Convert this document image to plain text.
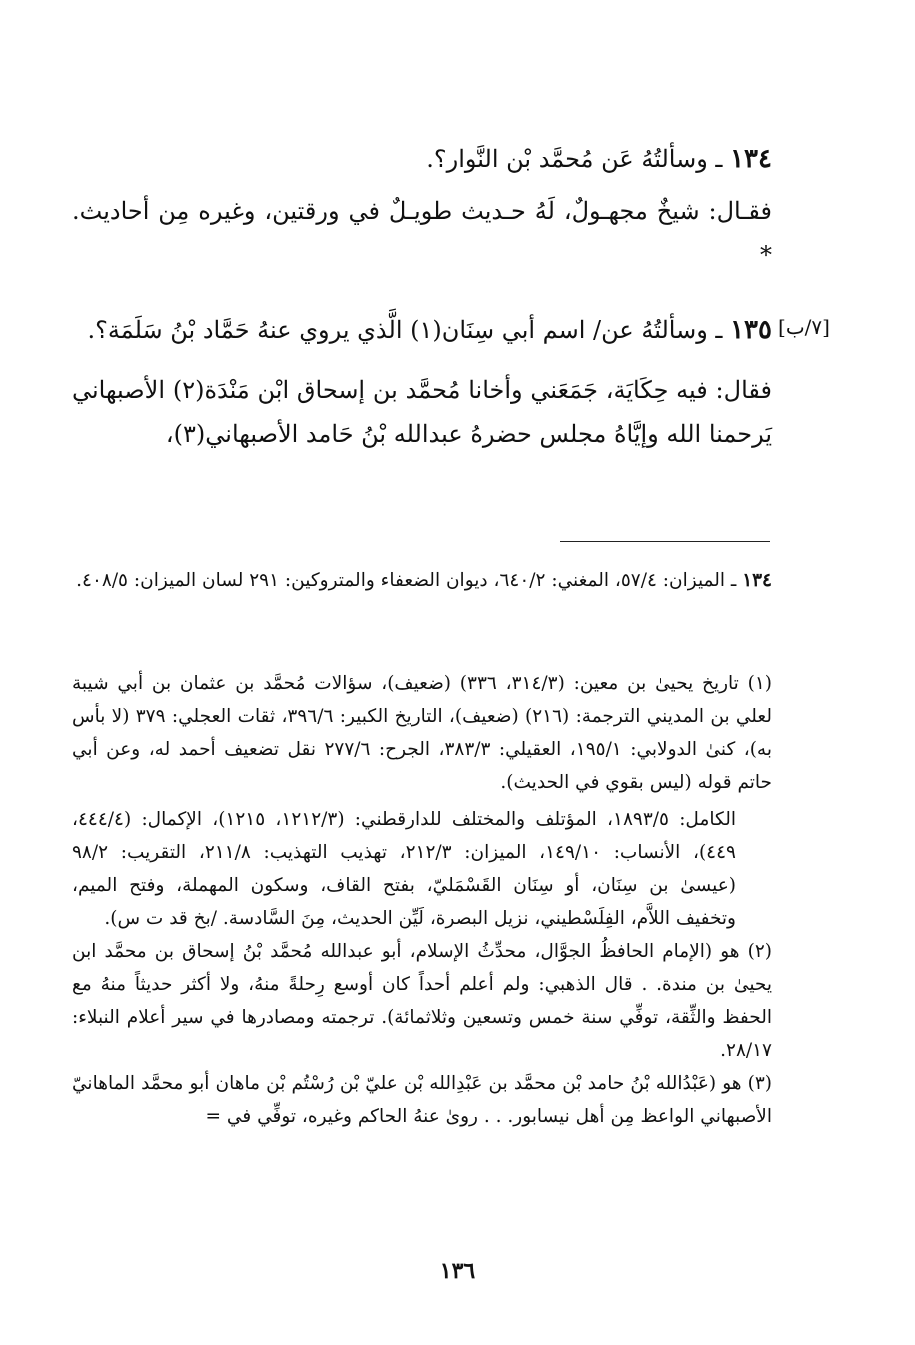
١٣٤ ـ وسألتُهُ عَن مُحمَّد بْن النَّوار؟.
فقـال: شيخٌ مجهـولٌ، لَهُ حـديث طويـلٌ في ورقتين، وغيره مِن أحاديث. *
[٧/ب]
١٣٥ ـ وسألتُهُ عن/ اسم أبي سِنَان(١) الَّذي يروي عنهُ حَمَّاد بْنُ سَلَمَة؟.
فقال: فيه حِكَايَة، جَمَعَني وأخانا مُحمَّد بن إسحاق ابْن مَنْدَة(٢) الأصبهاني يَرحمنا الله وإيَّاهُ مجلس حضرهُ عبدالله بْنُ حَامد الأصبهاني(٣)،

١٣٤ ـ الميزان: ٥٧/٤، المغني: ٦٤٠/٢، ديوان الضعفاء والمتروكين: ٢٩١ لسان الميزان: ٤٠٨/٥.

(١) تاريخ يحيىٰ بن معين: (٣١٤/٣، ٣٣٦) (ضعيف)، سؤالات مُحمَّد بن عثمان بن أبي شيبة لعلي بن المديني الترجمة: (٢١٦) (ضعيف)، التاريخ الكبير: ٣٩٦/٦، ثقات العجلي: ٣٧٩ (لا بأس به)، كنىٰ الدولابي: ١٩٥/١، العقيلي: ٣٨٣/٣، الجرح: ٢٧٧/٦ نقل تضعيف أحمد له، وعن أبي حاتم قوله (ليس بقوي في الحديث).

الكامل: ١٨٩٣/٥، المؤتلف والمختلف للدارقطني: (١٢١٢/٣، ١٢١٥)، الإكمال: (٤٤٤/٤، ٤٤٩)، الأنساب: ١٤٩/١٠، الميزان: ٢١٢/٣، تهذيب التهذيب: ٢١١/٨، التقريب: ٩٨/٢ (عيسىٰ بن سِنَان، أو سِنَان القَسْمَليّ، بفتح القاف، وسكون المهملة، وفتح الميم، وتخفيف اللاَّم، الفِلَسْطيني، نزيل البصرة، لَيِّن الحديث، مِنَ السَّادسة. /بخ قد ت س).

(٢) هو (الإمام الحافظُ الجوَّال، محدِّثُ الإسلام، أبو عبدالله مُحمَّد بْنُ إسحاق بن محمَّد ابن يحيىٰ بن مندة. . قال الذهبي: ولم أعلم أحداً كان أوسع رِحلةً منهُ، ولا أكثر حديثاً منهُ مع الحفظ والثِّقة، توفِّي سنة خمس وتسعين وثلاثمائة). ترجمته ومصادرها في سير أعلام النبلاء: ٢٨/١٧.

(٣) هو (عَبْدُالله بْنُ حامد بْن محمَّد بن عَبْدِالله بْن عليّ بْن رُسْتُم بْن ماهان أبو محمَّد الماهانيّ الأصبهاني الواعظ مِن أهل نيسابور. . . روىٰ عنهُ الحاكم وغيره، توفِّي في =

١٣٦
